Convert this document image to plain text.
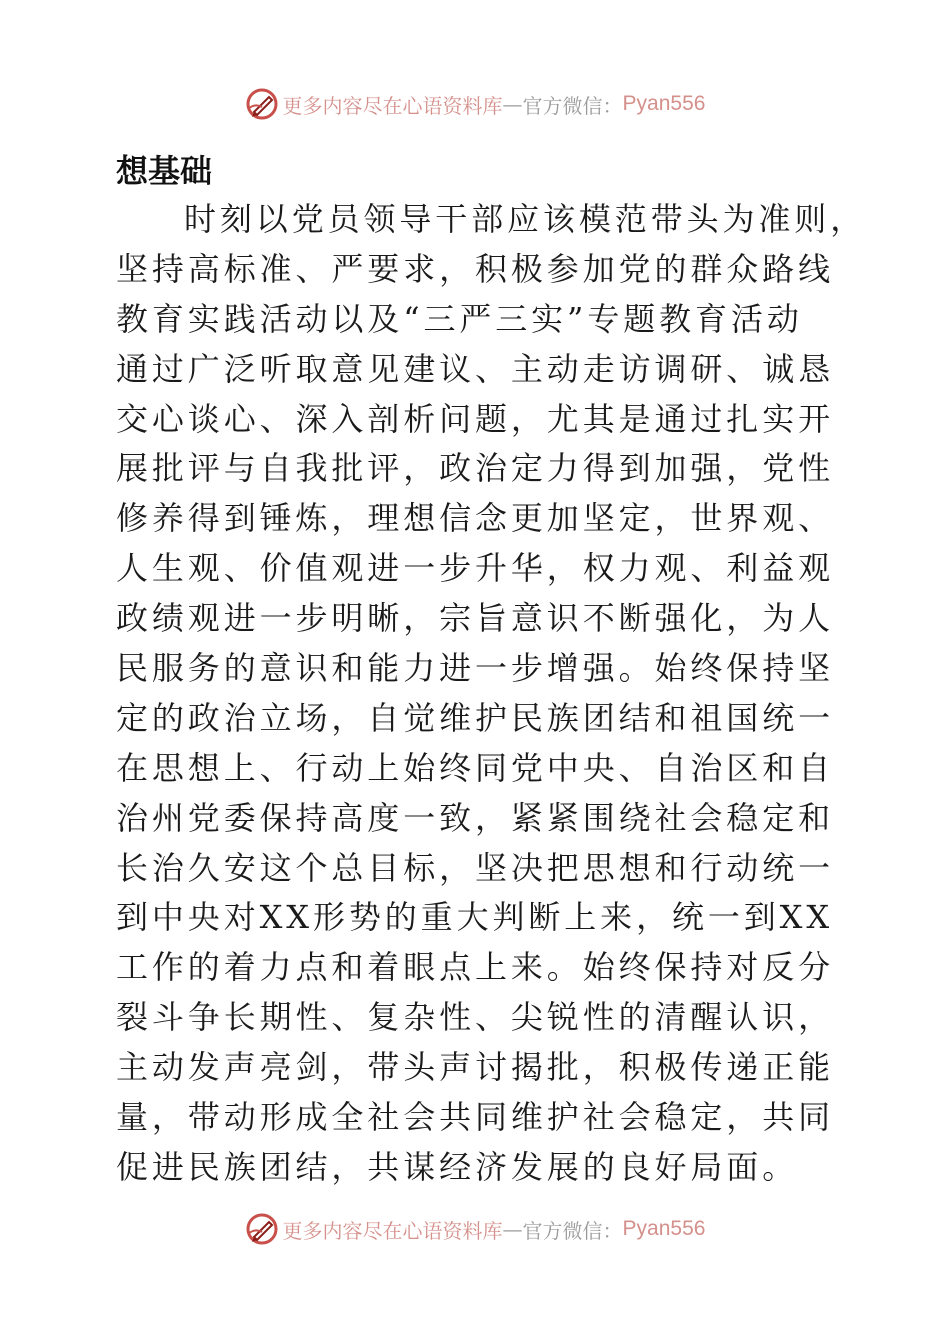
更多内容尽在心语资料库 — 官方微信： Pyan556
想基础
时刻以党员领导干部应该模范带头为准则，
坚持高标准、严要求，积极参加党的群众路线
教育实践活动以及“三严三实”专题教育活动
通过广泛听取意见建议、主动走访调研、诚恳
交心谈心、深入剖析问题，尤其是通过扎实开
展批评与自我批评，政治定力得到加强，党性
修养得到锤炼，理想信念更加坚定，世界观、
人生观、价值观进一步升华，权力观、利益观
政绩观进一步明晰，宗旨意识不断强化，为人
民服务的意识和能力进一步增强。始终保持坚
定的政治立场，自觉维护民族团结和祖国统一
在思想上、行动上始终同党中央、自治区和自
治州党委保持高度一致，紧紧围绕社会稳定和
长治久安这个总目标，坚决把思想和行动统一
到中央对XX形势的重大判断上来，统一到XX
工作的着力点和着眼点上来。始终保持对反分
裂斗争长期性、复杂性、尖锐性的清醒认识，
主动发声亮剑，带头声讨揭批，积极传递正能
量，带动形成全社会共同维护社会稳定，共同
促进民族团结，共谋经济发展的良好局面。
更多内容尽在心语资料库 — 官方微信： Pyan556
